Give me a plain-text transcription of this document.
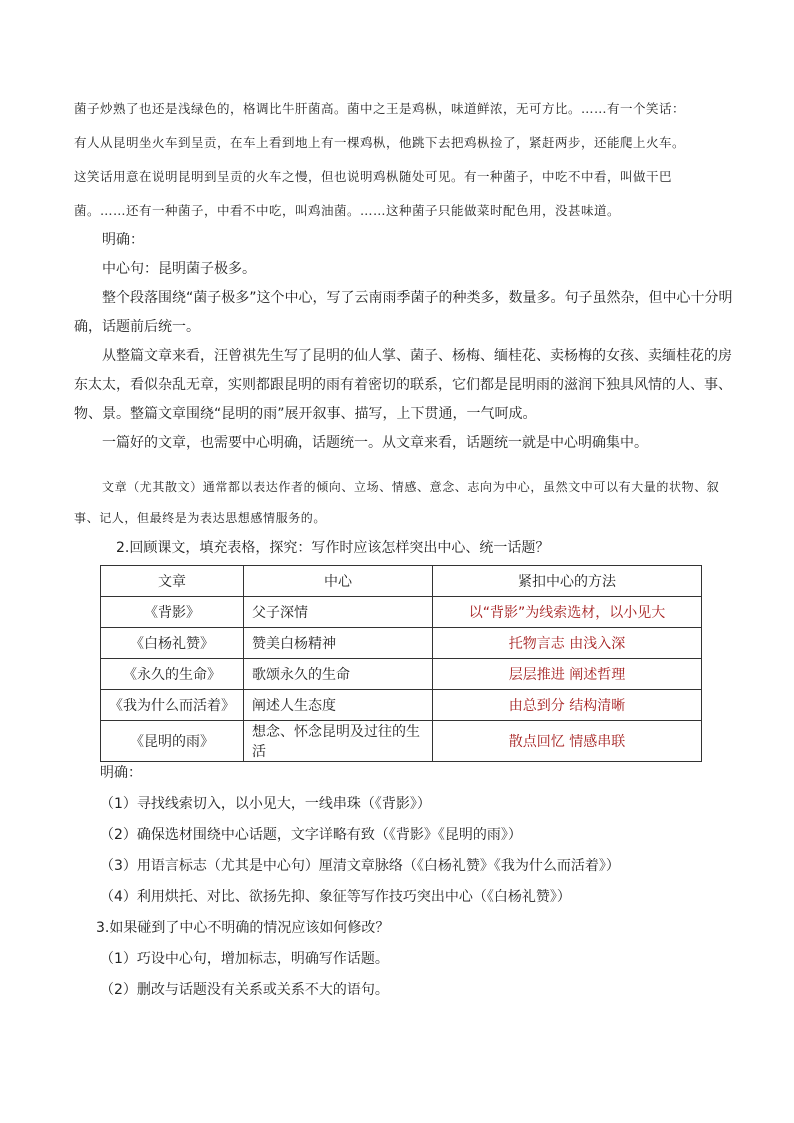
菌子炒熟了也还是浅绿色的，格调比牛肝菌高。菌中之王是鸡枞，味道鲜浓，无可方比。……有一个笑话：

有人从昆明坐火车到呈贡，在车上看到地上有一棵鸡枞，他跳下去把鸡枞捡了，紧赶两步，还能爬上火车。

这笑话用意在说明昆明到呈贡的火车之慢，但也说明鸡枞随处可见。有一种菌子，中吃不中看，叫做干巴

菌。……还有一种菌子，中看不中吃，叫鸡油菌。……这种菌子只能做菜时配色用，没甚味道。

明确：

中心句：昆明菌子极多。

整个段落围绕“菌子极多”这个中心，写了云南雨季菌子的种类多，数量多。句子虽然杂，但中心十分明确，话题前后统一。

从整篇文章来看，汪曾祺先生写了昆明的仙人掌、菌子、杨梅、缅桂花、卖杨梅的女孩、卖缅桂花的房东太太，看似杂乱无章，实则都跟昆明的雨有着密切的联系，它们都是昆明雨的滋润下独具风情的人、事、物、景。整篇文章围绕“昆明的雨”展开叙事、描写，上下贯通，一气呵成。

一篇好的文章，也需要中心明确，话题统一。从文章来看，话题统一就是中心明确集中。

文章（尤其散文）通常都以表达作者的倾向、立场、情感、意念、志向为中心，虽然文中可以有大量的状物、叙事、记人，但最终是为表达思想感情服务的。

2.回顾课文，填充表格，探究：写作时应该怎样突出中心、统一话题？
文章	中心	紧扣中心的方法
《背影》	父子深情	以“背影”为线索选材，以小见大
《白杨礼赞》	赞美白杨精神	托物言志 由浅入深
《永久的生命》	歌颂永久的生命	层层推进 阐述哲理
《我为什么而活着》	阐述人生态度	由总到分 结构清晰
《昆明的雨》	想念、怀念昆明及过往的生活	散点回忆 情感串联

明确：

（1）寻找线索切入，以小见大，一线串珠（《背影》）

（2）确保选材围绕中心话题，文字详略有致（《背影》《昆明的雨》）

（3）用语言标志（尤其是中心句）厘清文章脉络（《白杨礼赞》《我为什么而活着》）

（4）利用烘托、对比、欲扬先抑、象征等写作技巧突出中心（《白杨礼赞》）

3.如果碰到了中心不明确的情况应该如何修改？

（1）巧设中心句，增加标志，明确写作话题。

（2）删改与话题没有关系或关系不大的语句。
